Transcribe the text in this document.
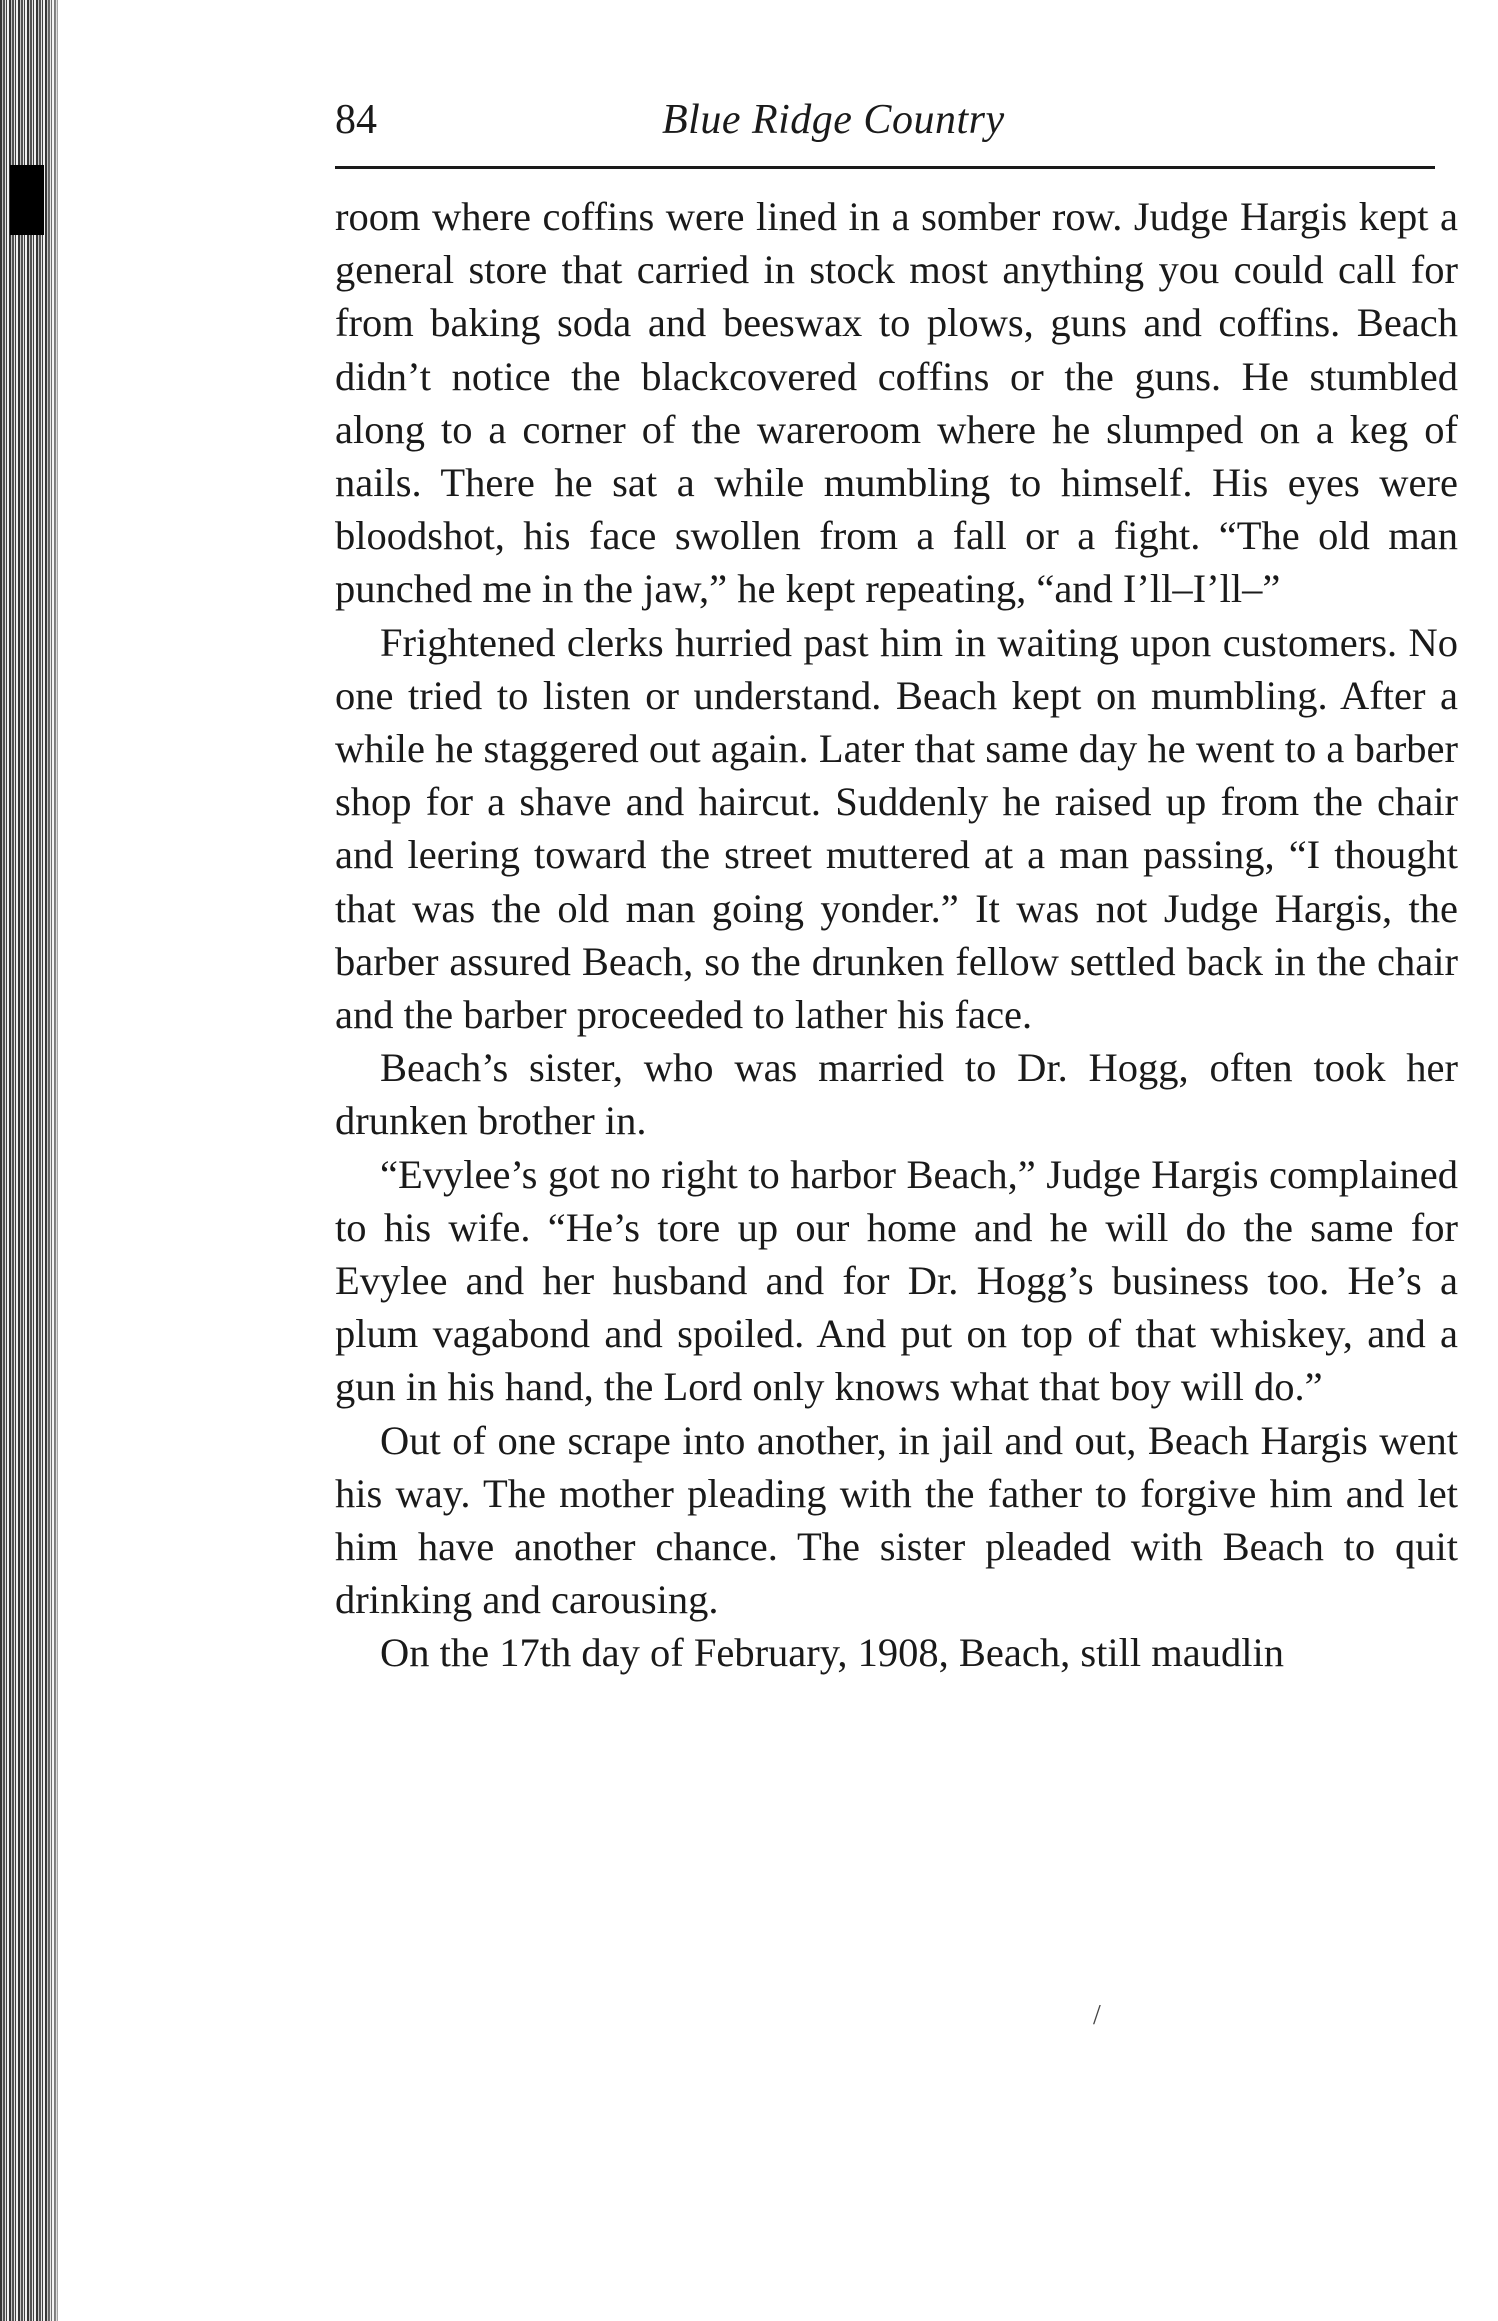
84	Blue Ridge Country

room where coffins were lined in a somber row. Judge Hargis kept a general store that carried in stock most anything you could call for from baking soda and beeswax to plows, guns and coffins. Beach didn’t notice the blackcovered coffins or the guns. He stumbled along to a corner of the wareroom where he slumped on a keg of nails. There he sat a while mumbling to himself. His eyes were bloodshot, his face swollen from a fall or a fight. “The old man punched me in the jaw,” he kept repeating, “and I’ll–I’ll–”

Frightened clerks hurried past him in waiting upon customers. No one tried to listen or understand. Beach kept on mumbling. After a while he staggered out again. Later that same day he went to a barber shop for a shave and haircut. Suddenly he raised up from the chair and leering toward the street muttered at a man passing, “I thought that was the old man going yonder.” It was not Judge Hargis, the barber assured Beach, so the drunken fellow settled back in the chair and the barber proceeded to lather his face.

Beach’s sister, who was married to Dr. Hogg, often took her drunken brother in.

“Evylee’s got no right to harbor Beach,” Judge Hargis complained to his wife. “He’s tore up our home and he will do the same for Evylee and her husband and for Dr. Hogg’s business too. He’s a plum vagabond and spoiled. And put on top of that whiskey, and a gun in his hand, the Lord only knows what that boy will do.”

Out of one scrape into another, in jail and out, Beach Hargis went his way. The mother pleading with the father to forgive him and let him have another chance. The sister pleaded with Beach to quit drinking and carousing.

On the 17th day of February, 1908, Beach, still maudlin

/
